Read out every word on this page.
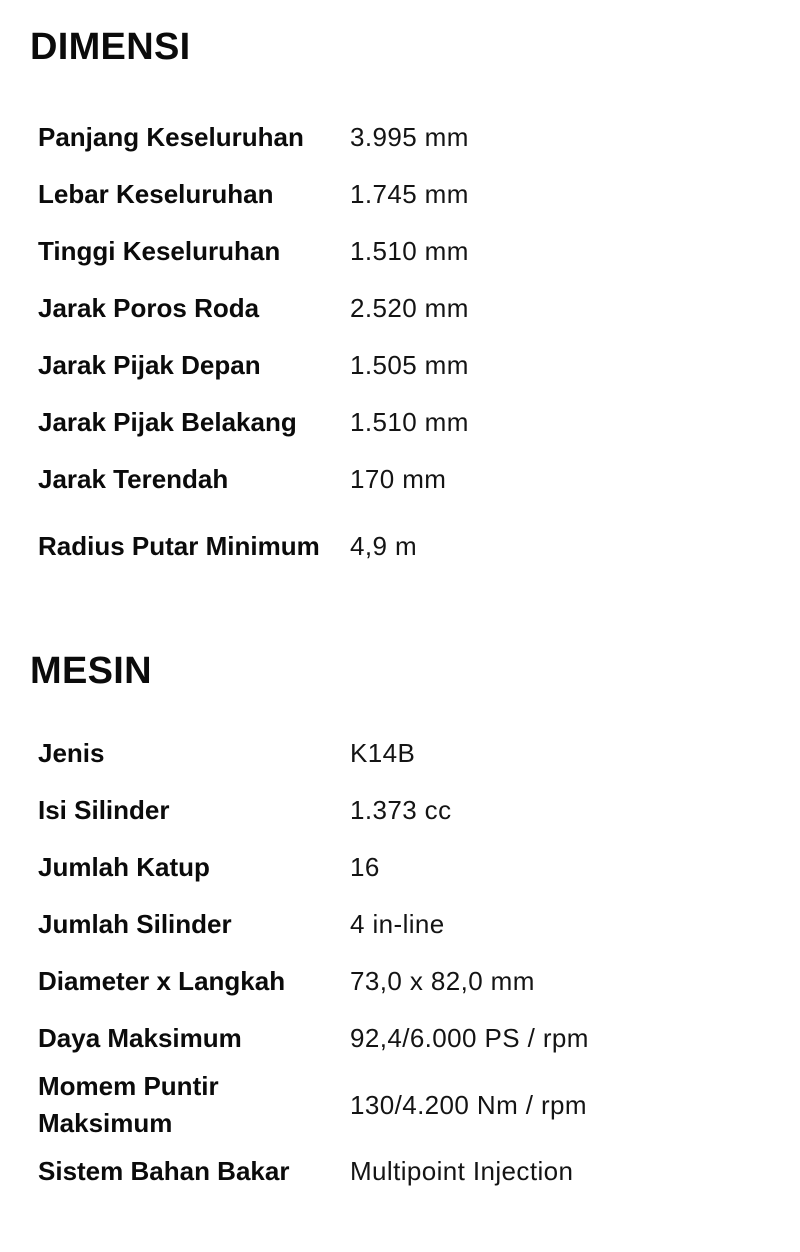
DIMENSI
Panjang Keseluruhan	3.995 mm
Lebar Keseluruhan	1.745 mm
Tinggi Keseluruhan	1.510 mm
Jarak Poros Roda	2.520 mm
Jarak Pijak Depan	1.505 mm
Jarak Pijak Belakang	1.510 mm
Jarak Terendah	170 mm
Radius Putar Minimum	4,9 m
MESIN
Jenis	K14B
Isi Silinder	1.373 cc
Jumlah Katup	16
Jumlah Silinder	4 in-line
Diameter x Langkah	73,0 x 82,0 mm
Daya Maksimum	92,4/6.000 PS / rpm
Momem Puntir Maksimum	130/4.200 Nm / rpm
Sistem Bahan Bakar	Multipoint Injection
